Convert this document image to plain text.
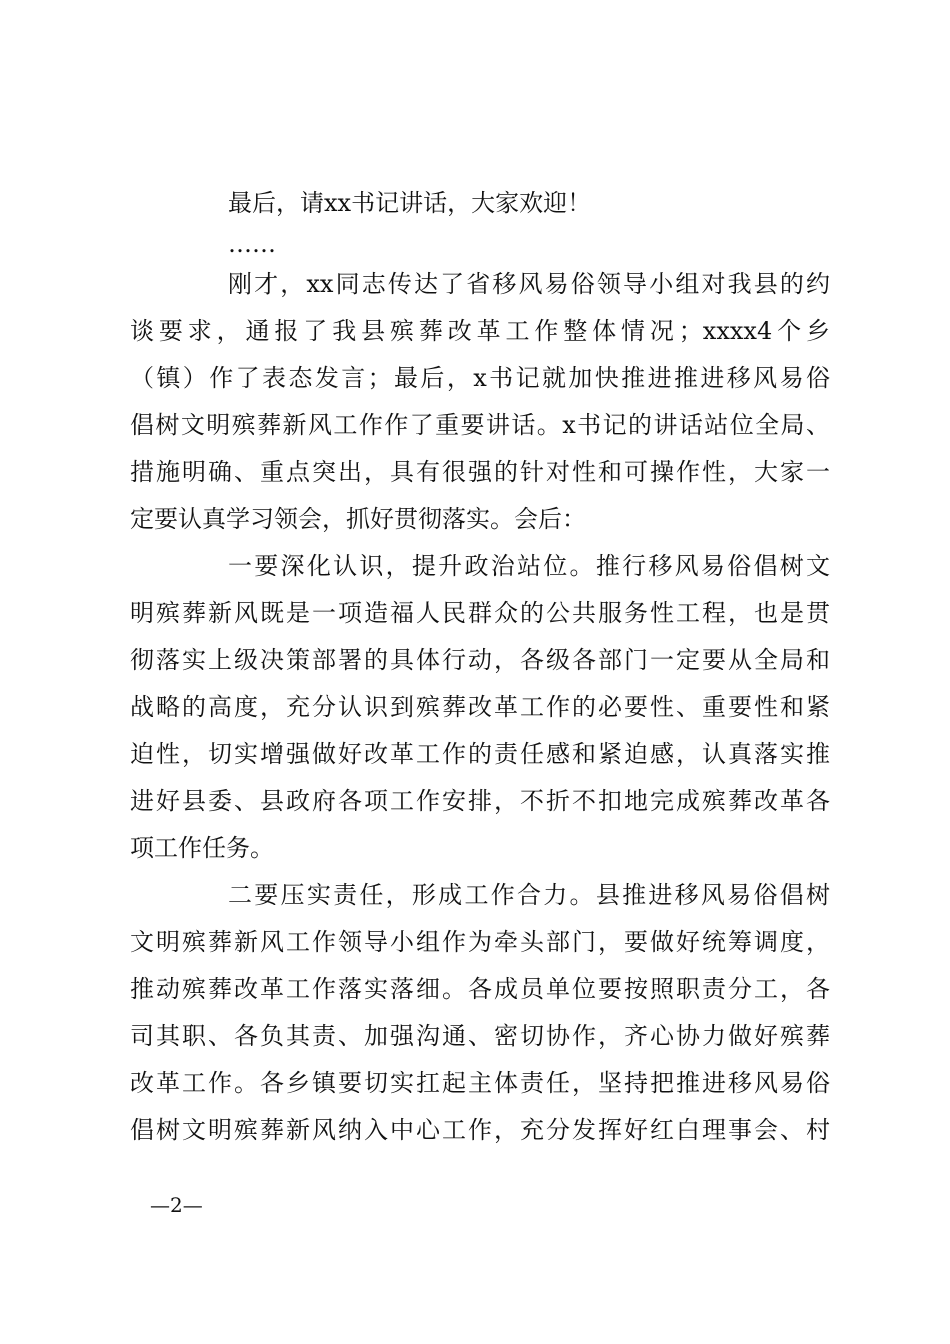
最后，请xx书记讲话，大家欢迎！
……
刚才，xx同志传达了省移风易俗领导小组对我县的约
谈要求，通报了我县殡葬改革工作整体情况；xxxx4个乡
（镇）作了表态发言；最后，x书记就加快推进推进移风易俗
倡树文明殡葬新风工作作了重要讲话。x书记的讲话站位全局、
措施明确、重点突出，具有很强的针对性和可操作性，大家一
定要认真学习领会，抓好贯彻落实。会后：
一要深化认识，提升政治站位。推行移风易俗倡树文
明殡葬新风既是一项造福人民群众的公共服务性工程，也是贯
彻落实上级决策部署的具体行动，各级各部门一定要从全局和
战略的高度，充分认识到殡葬改革工作的必要性、重要性和紧
迫性，切实增强做好改革工作的责任感和紧迫感，认真落实推
进好县委、县政府各项工作安排，不折不扣地完成殡葬改革各
项工作任务。
二要压实责任，形成工作合力。县推进移风易俗倡树
文明殡葬新风工作领导小组作为牵头部门，要做好统筹调度，
推动殡葬改革工作落实落细。各成员单位要按照职责分工，各
司其职、各负其责、加强沟通、密切协作，齐心协力做好殡葬
改革工作。各乡镇要切实扛起主体责任，坚持把推进移风易俗
倡树文明殡葬新风纳入中心工作，充分发挥好红白理事会、村
—2—
